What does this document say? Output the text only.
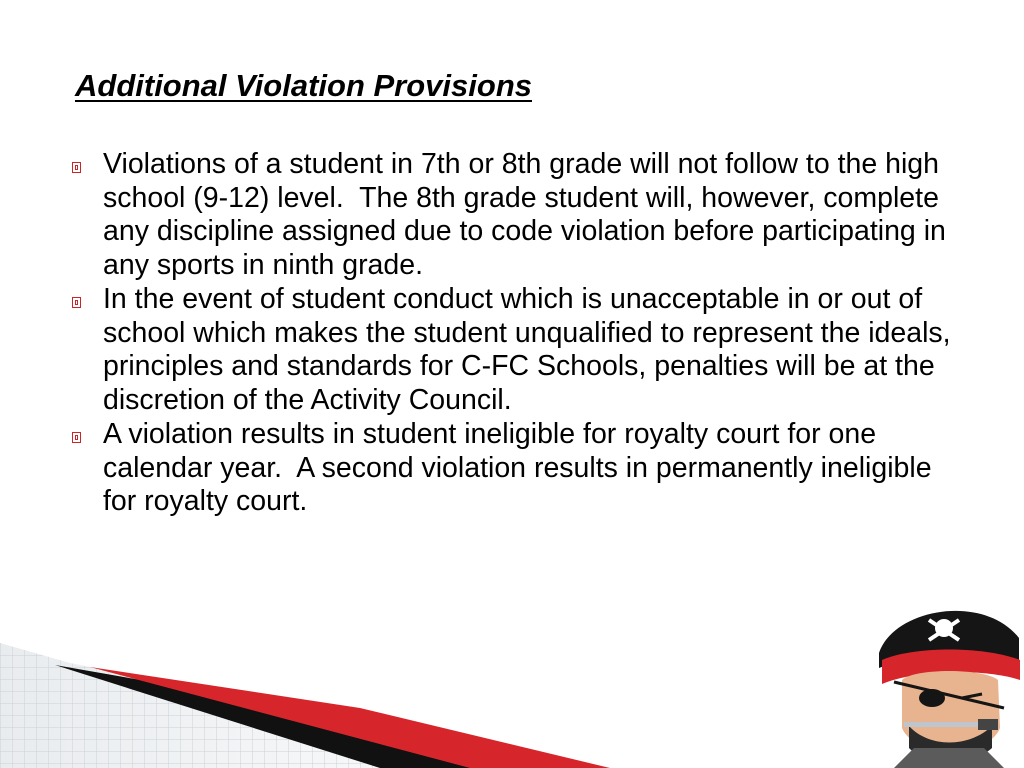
Additional Violation Provisions
Violations of a student in 7th or 8th grade will not follow to the high school (9-12) level.  The 8th grade student will, however, complete any discipline assigned due to code violation before participating in any sports in ninth grade.
In the event of student conduct which is unacceptable in or out of school which makes the student unqualified to represent the ideals, principles and standards for C-FC Schools, penalties will be at the discretion of the Activity Council.
A violation results in student ineligible for royalty court for one calendar year.  A second violation results in permanently ineligible for royalty court.
